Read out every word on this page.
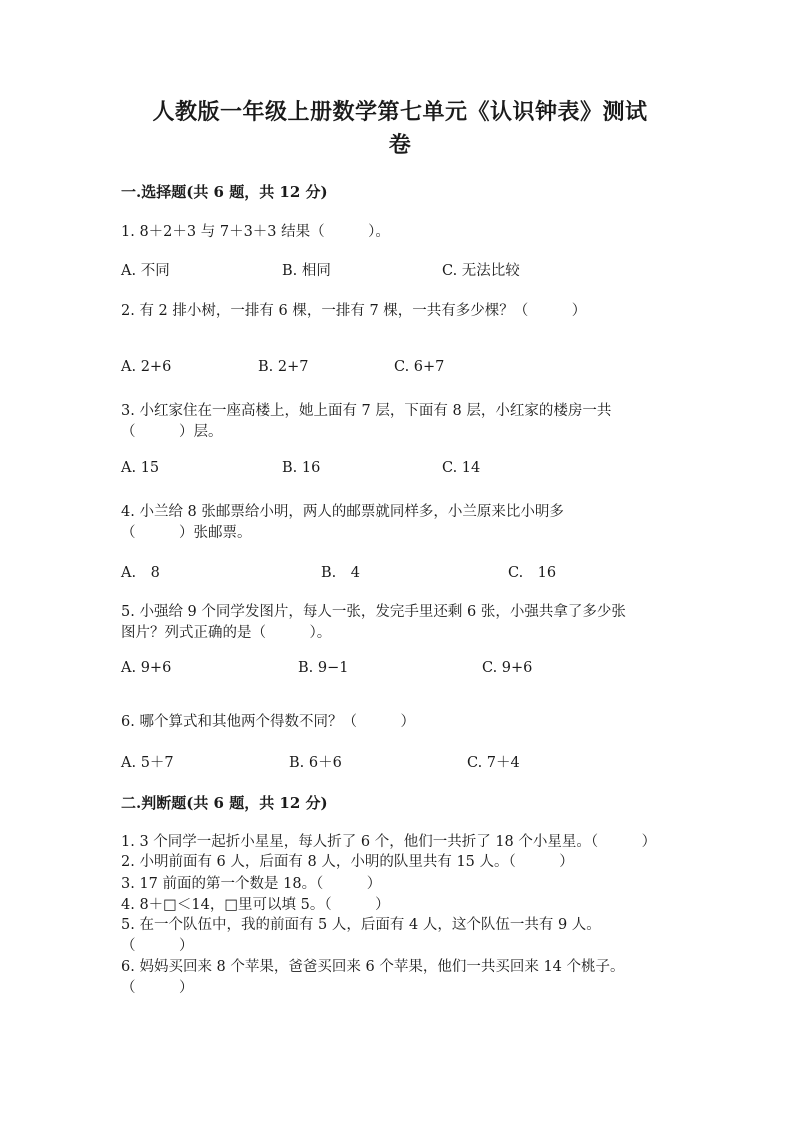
人教版一年级上册数学第七单元《认识钟表》测试
卷
一.选择题(共 6 题，共 12 分)
1. 8＋2＋3 与 7＋3＋3 结果（　　　）。
A. 不同	B. 相同	C. 无法比较
2. 有 2 排小树，一排有 6 棵，一排有 7 棵，一共有多少棵？（　　　）
A. 2+6	B. 2+7	C. 6+7
3. 小红家住在一座高楼上，她上面有 7 层，下面有 8 层，小红家的楼房一共
（　　　）层。
A. 15	B. 16	C. 14
4. 小兰给 8 张邮票给小明，两人的邮票就同样多，小兰原来比小明多
（　　　）张邮票。
A.　8	B.　4	C.　16
5. 小强给 9 个同学发图片，每人一张，发完手里还剩 6 张，小强共拿了多少张
图片？列式正确的是（　　　）。
A. 9+6	B. 9−1	C. 9+6
6. 哪个算式和其他两个得数不同？（　　　）
A. 5＋7	B. 6＋6	C. 7＋4
二.判断题(共 6 题，共 12 分)
1. 3 个同学一起折小星星，每人折了 6 个，他们一共折了 18 个小星星。（　　　）
2. 小明前面有 6 人，后面有 8 人，小明的队里共有 15 人。（　　　）
3. 17 前面的第一个数是 18。（　　　）
4. 8＋□＜14，□里可以填 5。（　　　）
5. 在一个队伍中，我的前面有 5 人，后面有 4 人，这个队伍一共有 9 人。
（　　　）
6. 妈妈买回来 8 个苹果，爸爸买回来 6 个苹果，他们一共买回来 14 个桃子。
（　　　）
